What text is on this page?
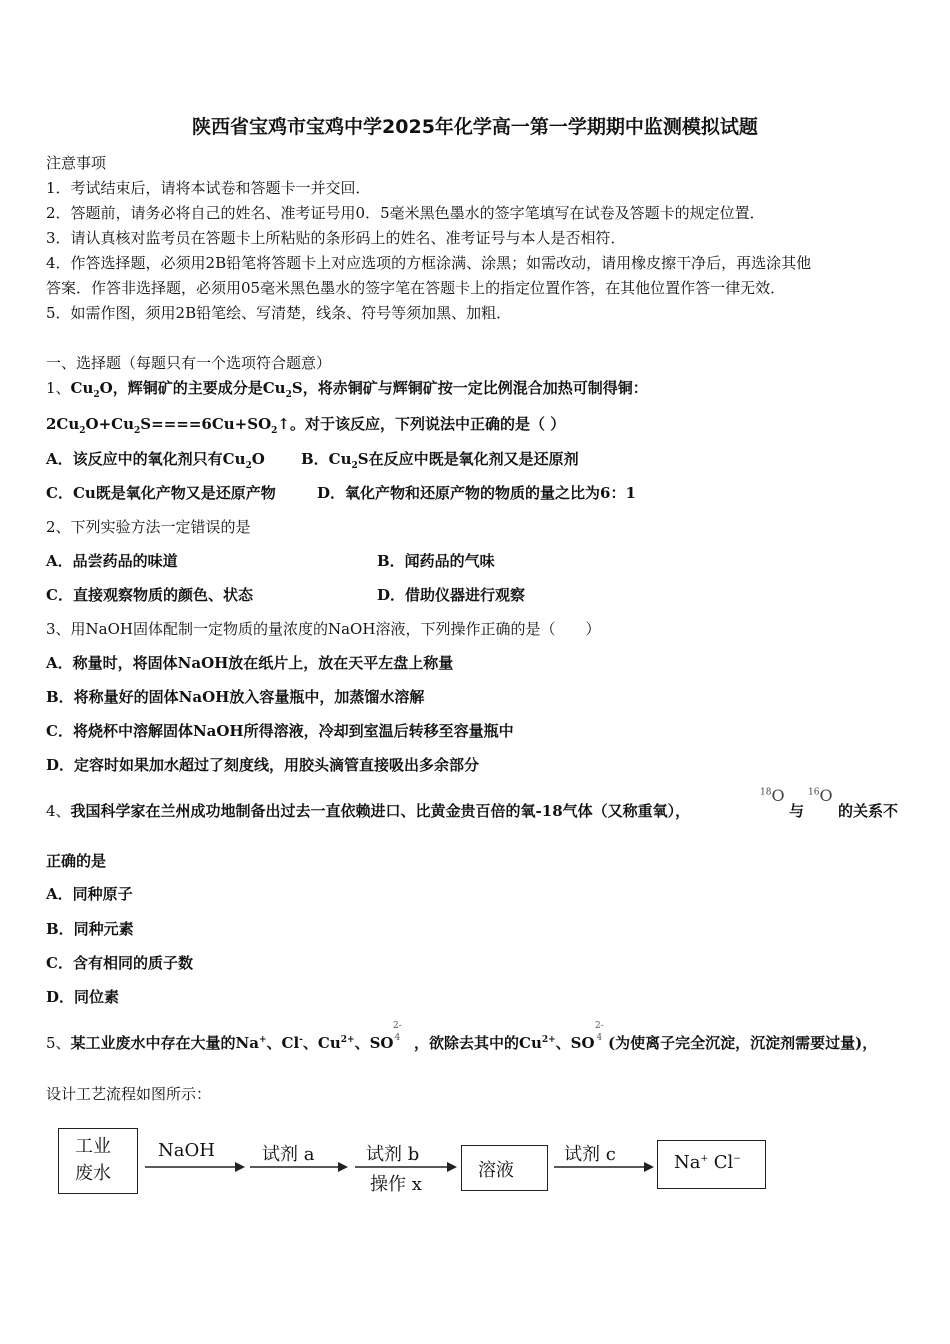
陕西省宝鸡市宝鸡中学2025年化学高一第一学期期中监测模拟试题
注意事项
1．考试结束后，请将本试卷和答题卡一并交回．
2．答题前，请务必将自己的姓名、准考证号用0．5毫米黑色墨水的签字笔填写在试卷及答题卡的规定位置．
3．请认真核对监考员在答题卡上所粘贴的条形码上的姓名、准考证号与本人是否相符．
4．作答选择题，必须用2B铅笔将答题卡上对应选项的方框涂满、涂黑；如需改动，请用橡皮擦干净后，再选涂其他
答案．作答非选择题，必须用05毫米黑色墨水的签字笔在答题卡上的指定位置作答，在其他位置作答一律无效．
5．如需作图，须用2B铅笔绘、写清楚，线条、符号等须加黑、加粗．
一、选择题（每题只有一个选项符合题意）
1、$Cu_2O$，辉铜矿的主要成分是$Cu_2S$，将赤铜矿与辉铜矿按一定比例混合加热可制得铜：
$2Cu_2O+Cu_2S====6Cu+SO_2↑$。对于该反应，下列说法中正确的是（ ）
A．该反应中的氧化剂只有$Cu_2O$ B．$Cu_2S$在反应中既是氧化剂又是还原剂
C．Cu既是氧化产物又是还原产物	D．氧化产物和还原产物的物质的量之比为6：1
2、下列实验方法一定错误的是
A．品尝药品的味道	B．闻药品的气味
C．直接观察物质的颜色、状态	D．借助仪器进行观察
3、用NaOH固体配制一定物质的量浓度的NaOH溶液，下列操作正确的是（　　）
A．称量时，将固体NaOH放在纸片上，放在天平左盘上称量
B．将称量好的固体NaOH放入容量瓶中，加蒸馏水溶解
C．将烧杯中溶解固体NaOH所得溶液，冷却到室温后转移至容量瓶中
D．定容时如果加水超过了刻度线，用胶头滴管直接吸出多余部分
4、我国科学家在兰州成功地制备出过去一直依赖进口、比黄金贵百倍的氧-18气体（又称重氧），
$^{18}$O
与
$^{16}$O
的关系不
正确的是
A．同种原子
B．同种元素
C．含有相同的质子数
D．同位素
5、某工业废水中存在大量的Na+、Cl-、$Cu^{2+}$、SO
2-
4 ，欲除去其中的$Cu^{2+}$、SO
2-
4 (为使离子完全沉淀，沉淀剂需要过量)，
设计工艺流程如图所示：
工业
废水
NaOH	试剂 a	试剂 b
操作 x
溶液
试剂 c	Na+ Cl−
